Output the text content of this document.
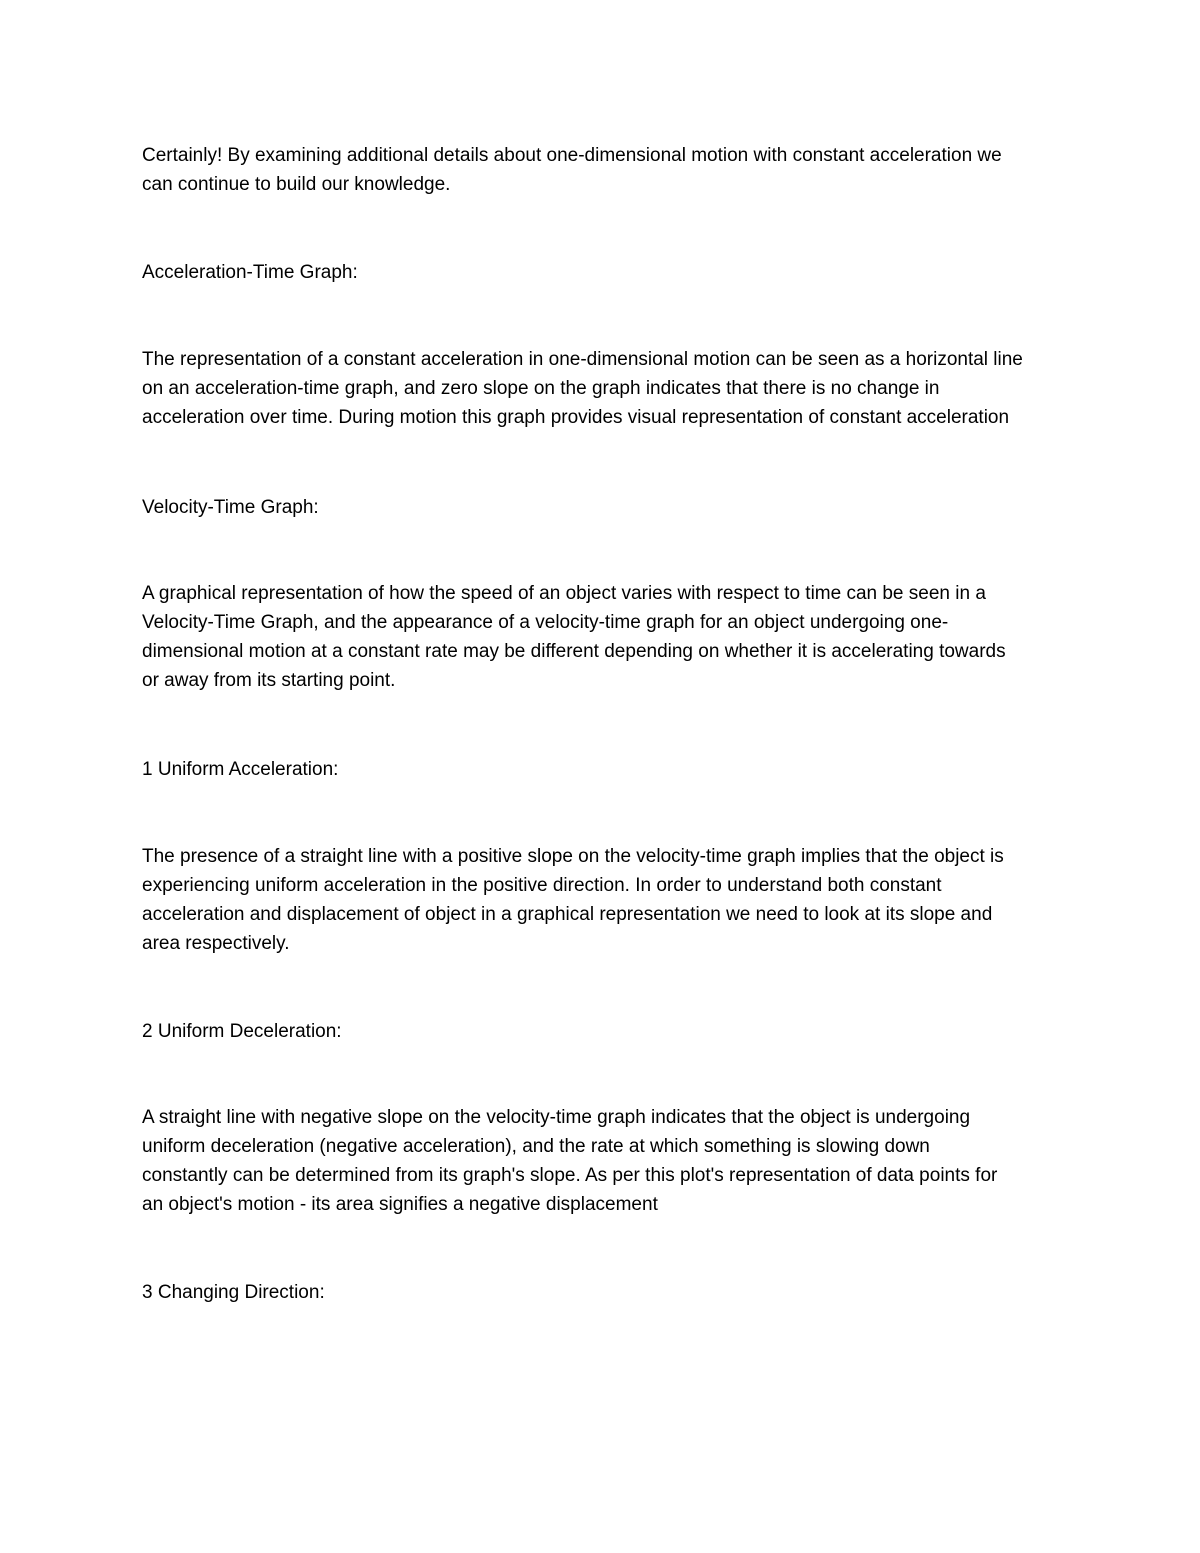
Certainly! By examining additional details about one-dimensional motion with constant acceleration we
can continue to build our knowledge.

Acceleration-Time Graph:

The representation of a constant acceleration in one-dimensional motion can be seen as a horizontal line
on an acceleration-time graph, and zero slope on the graph indicates that there is no change in
acceleration over time. During motion this graph provides visual representation of constant acceleration

Velocity-Time Graph:

A graphical representation of how the speed of an object varies with respect to time can be seen in a
Velocity-Time Graph, and the appearance of a velocity-time graph for an object undergoing one-
dimensional motion at a constant rate may be different depending on whether it is accelerating towards
or away from its starting point.

1 Uniform Acceleration:

The presence of a straight line with a positive slope on the velocity-time graph implies that the object is
experiencing uniform acceleration in the positive direction. In order to understand both constant
acceleration and displacement of object in a graphical representation we need to look at its slope and
area respectively.

2 Uniform Deceleration:

A straight line with negative slope on the velocity-time graph indicates that the object is undergoing
uniform deceleration (negative acceleration), and the rate at which something is slowing down
constantly can be determined from its graph's slope. As per this plot's representation of data points for
an object's motion - its area signifies a negative displacement

3 Changing Direction:
